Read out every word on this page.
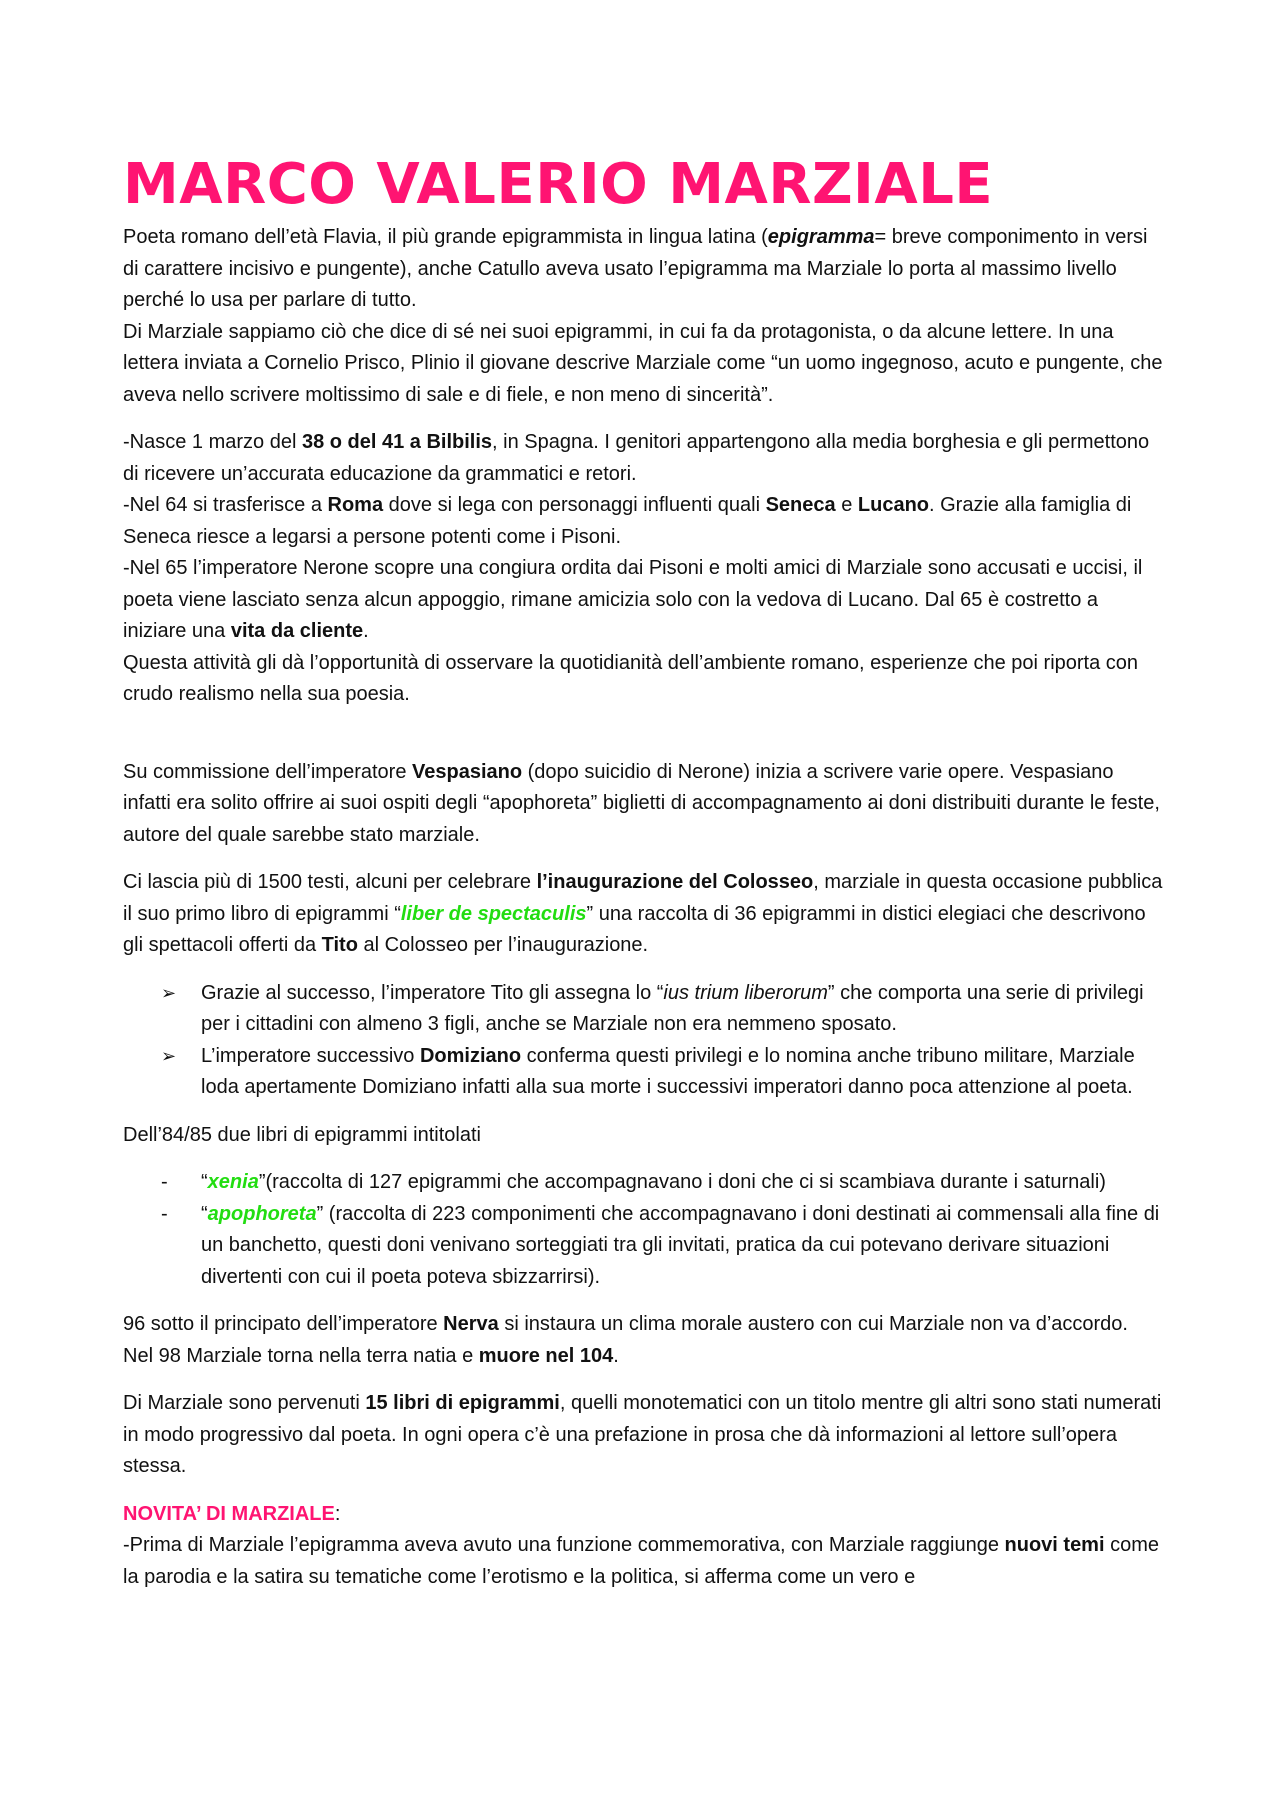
MARCO VALERIO MARZIALE

Poeta romano dell’età Flavia, il più grande epigrammista in lingua latina (epigramma= breve componimento in versi di carattere incisivo e pungente), anche Catullo aveva usato l’epigramma ma Marziale lo porta al massimo livello perché lo usa per parlare di tutto.

Di Marziale sappiamo ciò che dice di sé nei suoi epigrammi, in cui fa da protagonista, o da alcune lettere. In una lettera inviata a Cornelio Prisco, Plinio il giovane descrive Marziale come “un uomo ingegnoso, acuto e pungente, che aveva nello scrivere moltissimo di sale e di fiele, e non meno di sincerità”.

-Nasce 1 marzo del 38 o del 41 a Bilbilis, in Spagna. I genitori appartengono alla media borghesia e gli permettono di ricevere un’accurata educazione da grammatici e retori.

-Nel 64 si trasferisce a Roma dove si lega con personaggi influenti quali Seneca e Lucano. Grazie alla famiglia di Seneca riesce a legarsi a persone potenti come i Pisoni.

-Nel 65 l’imperatore Nerone scopre una congiura ordita dai Pisoni e molti amici di Marziale sono accusati e uccisi, il poeta viene lasciato senza alcun appoggio, rimane amicizia solo con la vedova di Lucano. Dal 65 è costretto a iniziare una vita da cliente.

Questa attività gli dà l’opportunità di osservare la quotidianità dell’ambiente romano, esperienze che poi riporta con crudo realismo nella sua poesia.

Su commissione dell’imperatore Vespasiano (dopo suicidio di Nerone) inizia a scrivere varie opere. Vespasiano infatti era solito offrire ai suoi ospiti degli “apophoreta” biglietti di accompagnamento ai doni distribuiti durante le feste, autore del quale sarebbe stato marziale.

Ci lascia più di 1500 testi, alcuni per celebrare l’inaugurazione del Colosseo, marziale in questa occasione pubblica il suo primo libro di epigrammi “liber de spectaculis” una raccolta di 36 epigrammi in distici elegiaci che descrivono gli spettacoli offerti da Tito al Colosseo per l’inaugurazione.

➢ Grazie al successo, l’imperatore Tito gli assegna lo “ius trium liberorum” che comporta una serie di privilegi per i cittadini con almeno 3 figli, anche se Marziale non era nemmeno sposato.
➢ L’imperatore successivo Domiziano conferma questi privilegi e lo nomina anche tribuno militare, Marziale loda apertamente Domiziano infatti alla sua morte i successivi imperatori danno poca attenzione al poeta.

Dell’84/85 due libri di epigrammi intitolati

- “xenia”(raccolta di 127 epigrammi che accompagnavano i doni che ci si scambiava durante i saturnali)
- “apophoreta” (raccolta di 223 componimenti che accompagnavano i doni destinati ai commensali alla fine di un banchetto, questi doni venivano sorteggiati tra gli invitati, pratica da cui potevano derivare situazioni divertenti con cui il poeta poteva sbizzarrirsi).

96 sotto il principato dell’imperatore Nerva si instaura un clima morale austero con cui Marziale non va d’accordo. Nel 98 Marziale torna nella terra natia e muore nel 104.

Di Marziale sono pervenuti 15 libri di epigrammi, quelli monotematici con un titolo mentre gli altri sono stati numerati in modo progressivo dal poeta. In ogni opera c’è una prefazione in prosa che dà informazioni al lettore sull’opera stessa.

NOVITA’ DI MARZIALE:

-Prima di Marziale l’epigramma aveva avuto una funzione commemorativa, con Marziale raggiunge nuovi temi come la parodia e la satira su tematiche come l’erotismo e la politica, si afferma come un vero e
